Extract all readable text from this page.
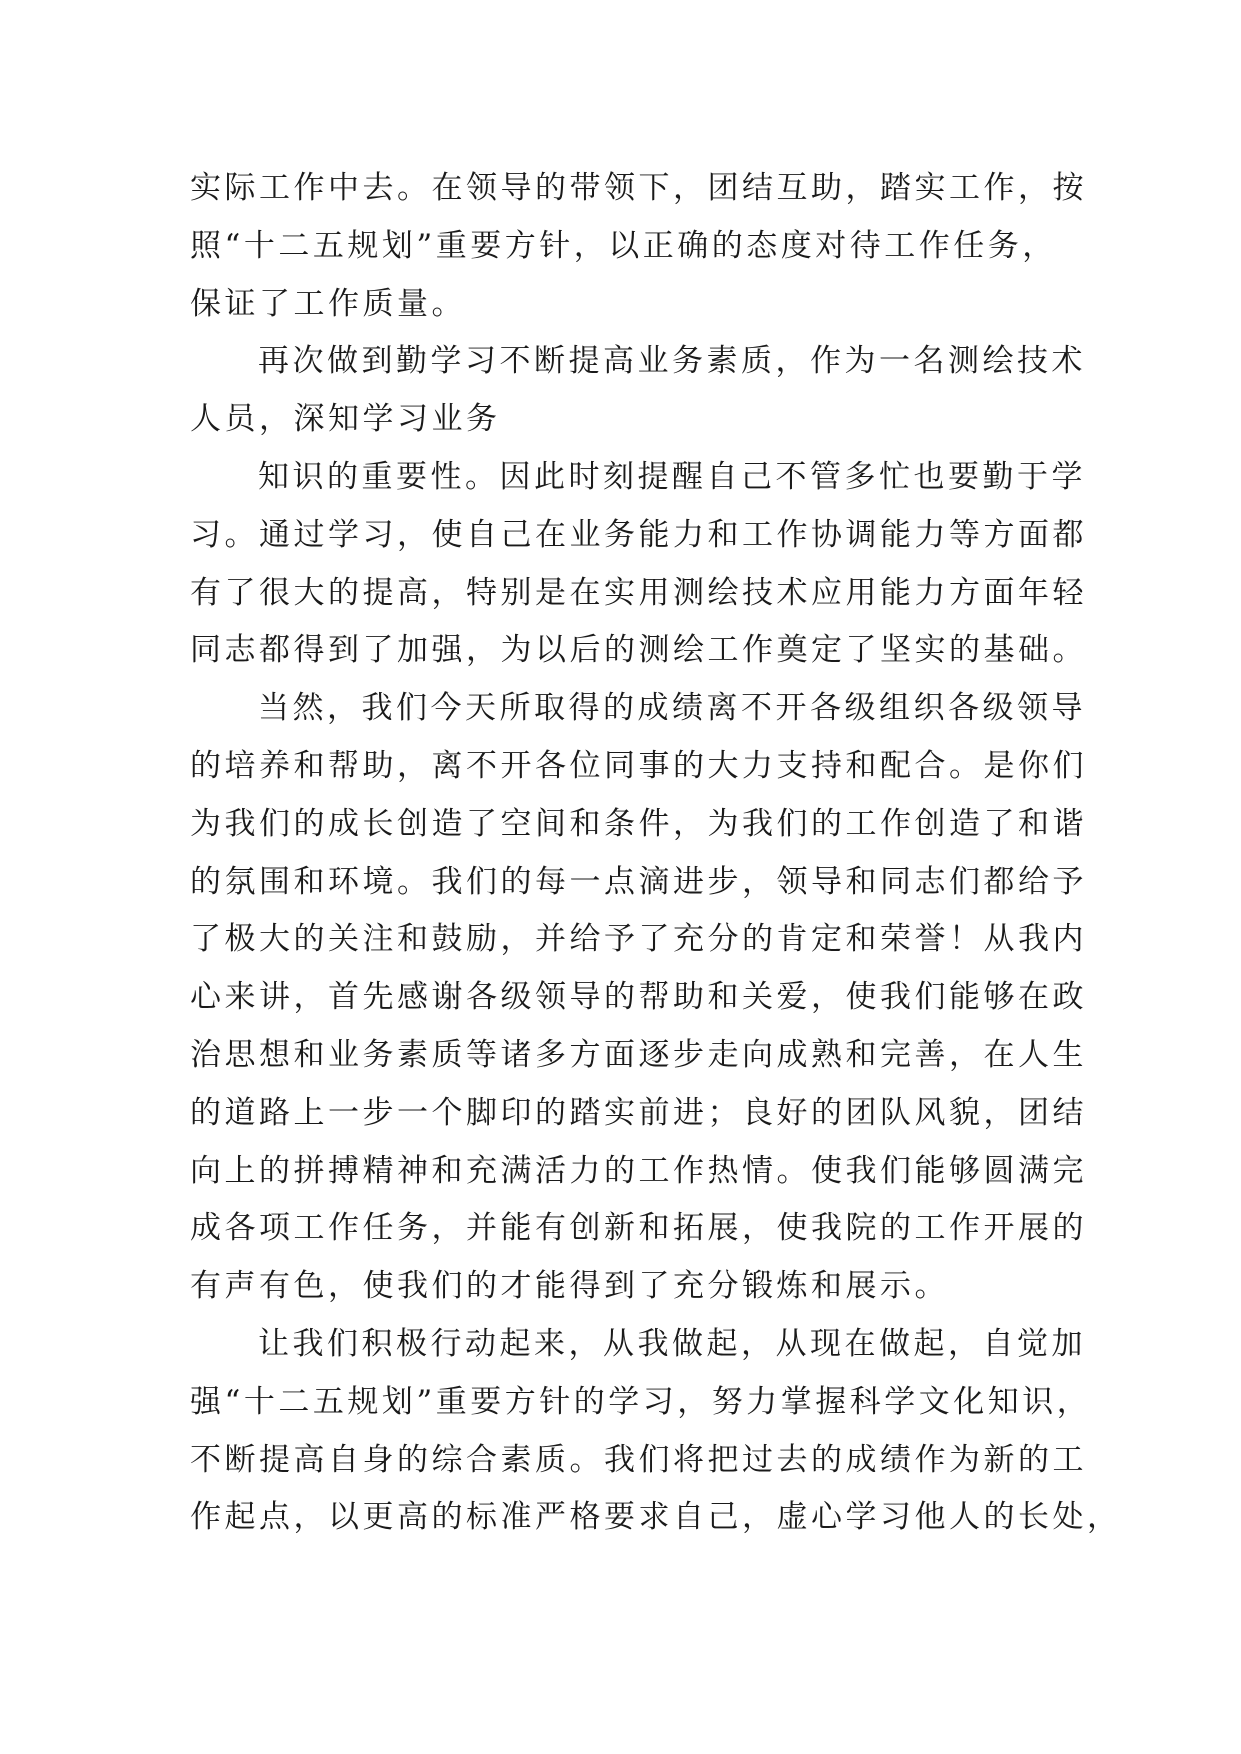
实际工作中去。在领导的带领下，团结互助，踏实工作，按
照“十二五规划”重要方针，以正确的态度对待工作任务，
保证了工作质量。
再次做到勤学习不断提高业务素质，作为一名测绘技术
人员，深知学习业务
知识的重要性。因此时刻提醒自己不管多忙也要勤于学
习。通过学习，使自己在业务能力和工作协调能力等方面都
有了很大的提高，特别是在实用测绘技术应用能力方面年轻
同志都得到了加强，为以后的测绘工作奠定了坚实的基础。
当然，我们今天所取得的成绩离不开各级组织各级领导
的培养和帮助，离不开各位同事的大力支持和配合。是你们
为我们的成长创造了空间和条件，为我们的工作创造了和谐
的氛围和环境。我们的每一点滴进步，领导和同志们都给予
了极大的关注和鼓励，并给予了充分的肯定和荣誉！从我内
心来讲，首先感谢各级领导的帮助和关爱，使我们能够在政
治思想和业务素质等诸多方面逐步走向成熟和完善，在人生
的道路上一步一个脚印的踏实前进；良好的团队风貌，团结
向上的拼搏精神和充满活力的工作热情。使我们能够圆满完
成各项工作任务，并能有创新和拓展，使我院的工作开展的
有声有色，使我们的才能得到了充分锻炼和展示。
让我们积极行动起来，从我做起，从现在做起，自觉加
强“十二五规划”重要方针的学习，努力掌握科学文化知识，
不断提高自身的综合素质。我们将把过去的成绩作为新的工
作起点，以更高的标准严格要求自己，虚心学习他人的长处，
